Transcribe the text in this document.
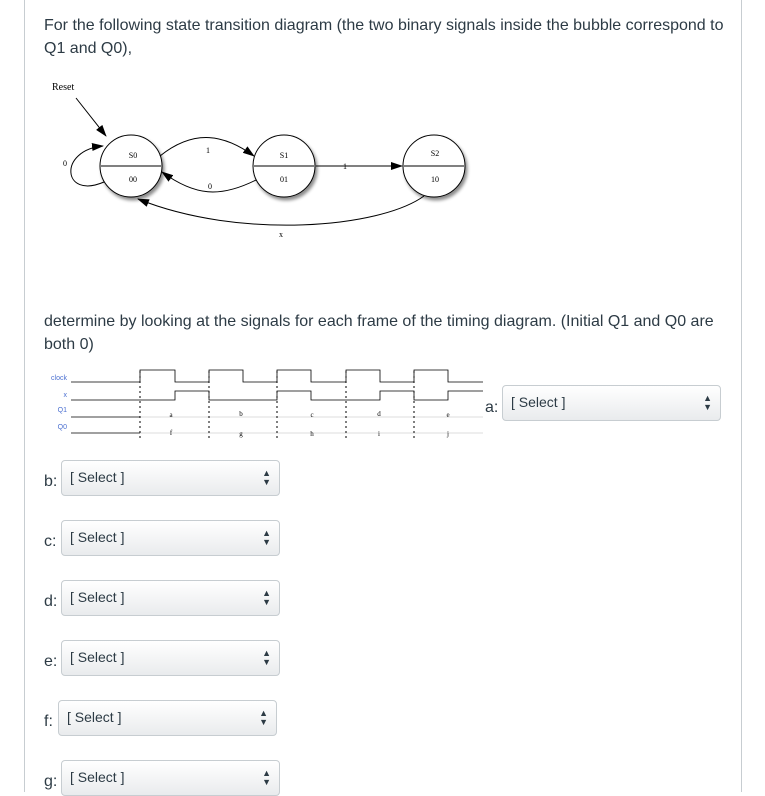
For the following state transition diagram (the two binary signals inside the bubble correspond to Q1 and Q0),

Reset
S0
00
S1
01
S2
10
0
1
0
1
x

determine by looking at the signals for each frame of the timing diagram. (Initial Q1 and Q0 are both 0)

clock
x
Q1
Q0
a	b	c	d	e
f	g	h	i	j
a: [ Select ]	▲
▼
b: [ Select ]	▲
▼
c: [ Select ]	▲
▼
d: [ Select ]	▲
▼
e: [ Select ]	▲
▼
f:	[ Select ]	▲
▼
g: [ Select ]	▲
▼
